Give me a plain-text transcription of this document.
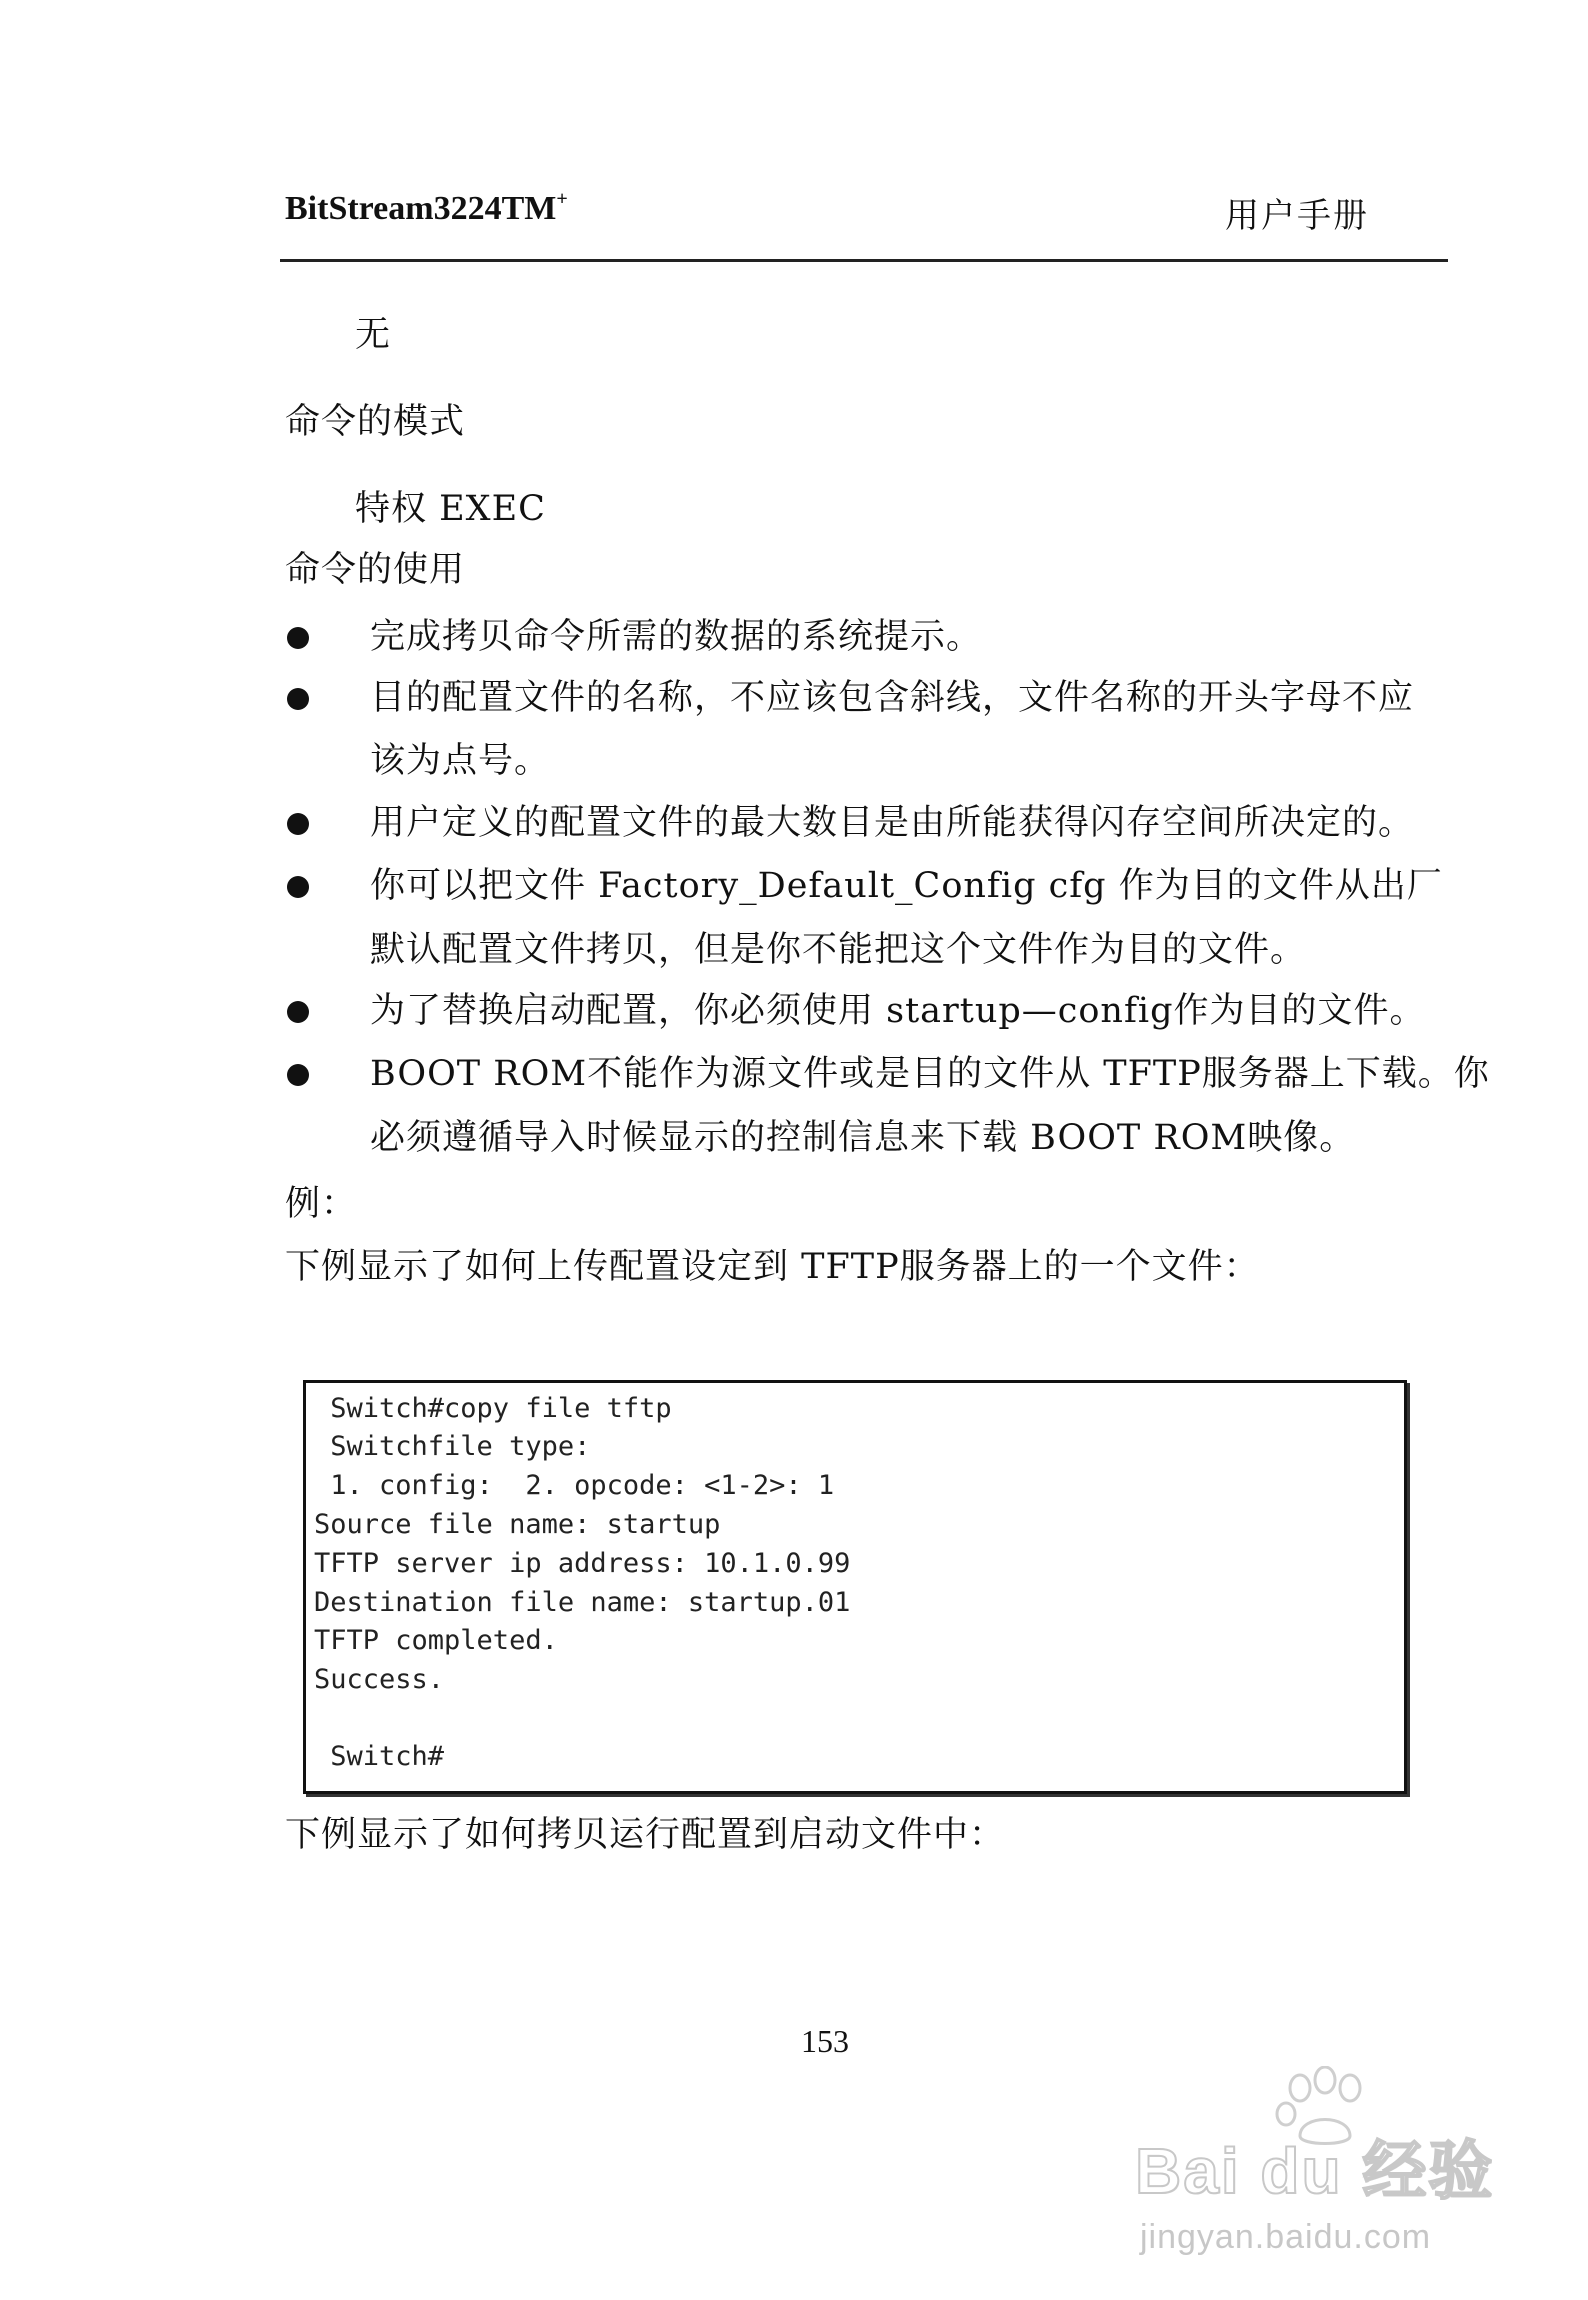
BitStream3224TM+	用户手册
无
命令的模式
特权 EXEC
命令的使用
完成拷贝命令所需的数据的系统提示。
目的配置文件的名称，不应该包含斜线，文件名称的开头字母不应
该为点号。
用户定义的配置文件的最大数目是由所能获得闪存空间所决定的。
你可以把文件 Factory_Default_Config cfg 作为目的文件从出厂
默认配置文件拷贝，但是你不能把这个文件作为目的文件。
为了替换启动配置，你必须使用 startup—config作为目的文件。
BOOT ROM不能作为源文件或是目的文件从 TFTP服务器上下载。你
必须遵循导入时候显示的控制信息来下载 BOOT ROM映像。
例：
下例显示了如何上传配置设定到 TFTP服务器上的一个文件：
Switch#copy file tftp
Switchfile type:
1. config:  2. opcode: <1-2>: 1
Source file name: startup
TFTP server ip address: 10.1.0.99
Destination file name: startup.01
TFTP completed.
Success.
Switch#
下例显示了如何拷贝运行配置到启动文件中：
153
Bai du 经验
jingyan.baidu.com
